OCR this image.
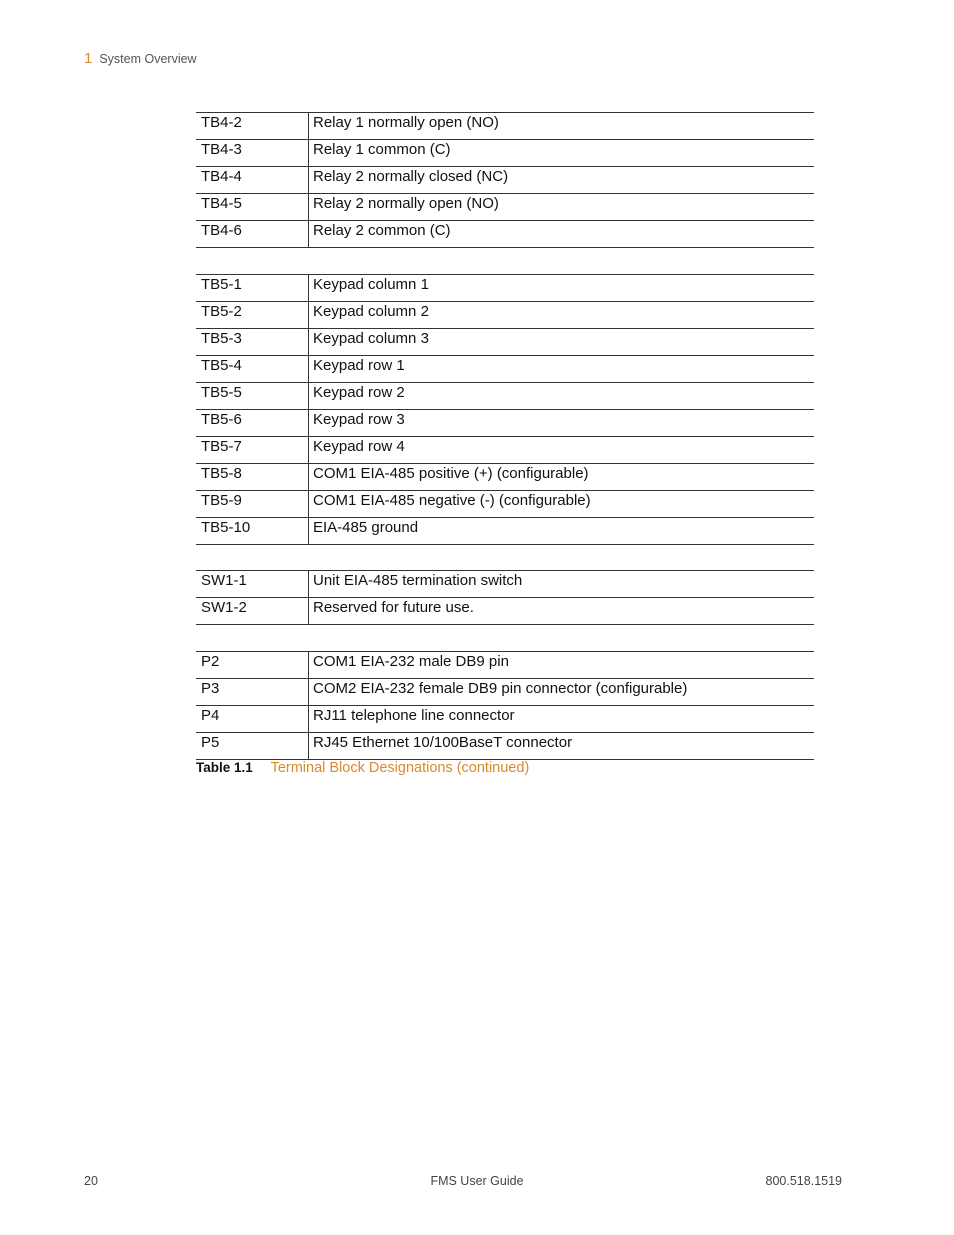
1 System Overview
TB4-2	Relay 1 normally open (NO)
TB4-3	Relay 1 common (C)
TB4-4	Relay 2 normally closed (NC)
TB4-5	Relay 2 normally open (NO)
TB4-6	Relay 2 common (C)
TB5-1	Keypad column 1
TB5-2	Keypad column 2
TB5-3	Keypad column 3
TB5-4	Keypad row 1
TB5-5	Keypad row 2
TB5-6	Keypad row 3
TB5-7	Keypad row 4
TB5-8	COM1 EIA-485 positive (+) (configurable)
TB5-9	COM1 EIA-485 negative (-) (configurable)
TB5-10	EIA-485 ground
SW1-1	Unit EIA-485 termination switch
SW1-2	Reserved for future use.
P2	COM1 EIA-232 male DB9 pin
P3	COM2 EIA-232 female DB9 pin connector (configurable)
P4	RJ11 telephone line connector
P5	RJ45 Ethernet 10/100BaseT connector
Table 1.1 Terminal Block Designations (continued)
20	FMS User Guide	800.518.1519
